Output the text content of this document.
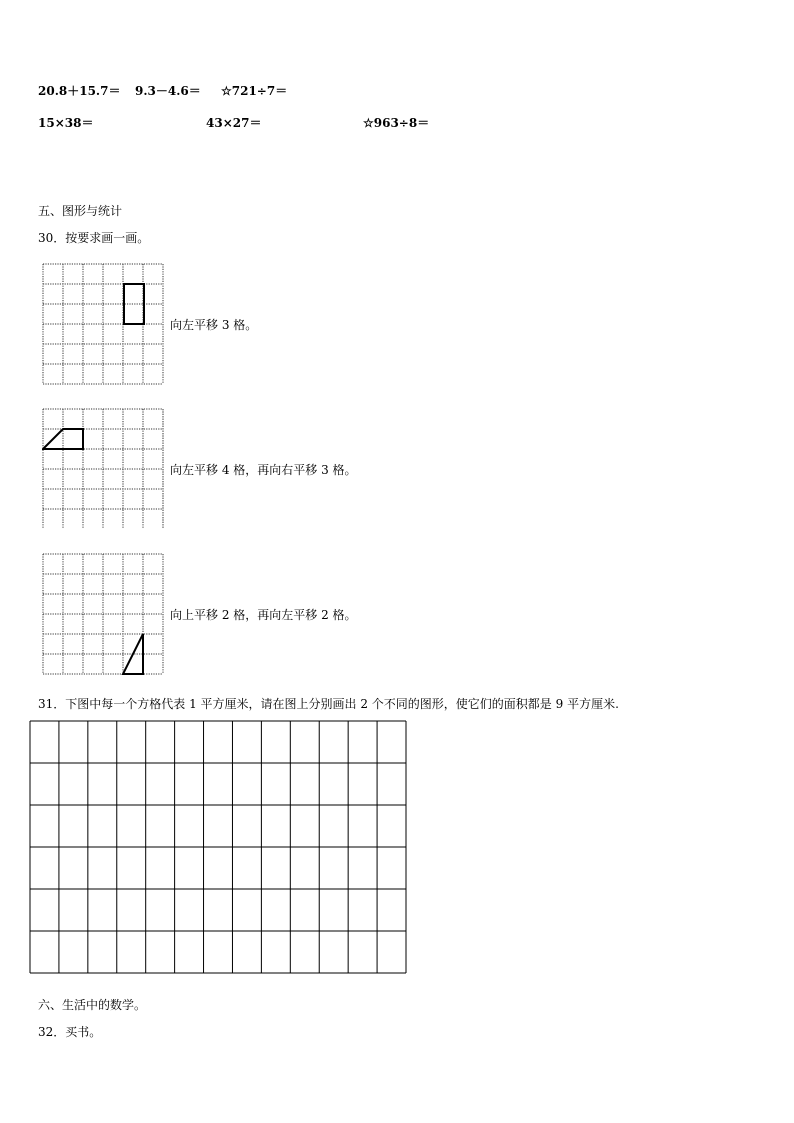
20.8＋15.7＝ 9.3－4.6＝ ☆721÷7＝
15×38＝	43×27＝	☆963÷8＝
五、图形与统计
30．按要求画一画。
向左平移 3 格。
向左平移 4 格，再向右平移 3 格。
向上平移 2 格，再向左平移 2 格。
31．下图中每一个方格代表 1 平方厘米，请在图上分别画出 2 个不同的图形，使它们的面积都是 9 平方厘米.
六、生活中的数学。
32．买书。
